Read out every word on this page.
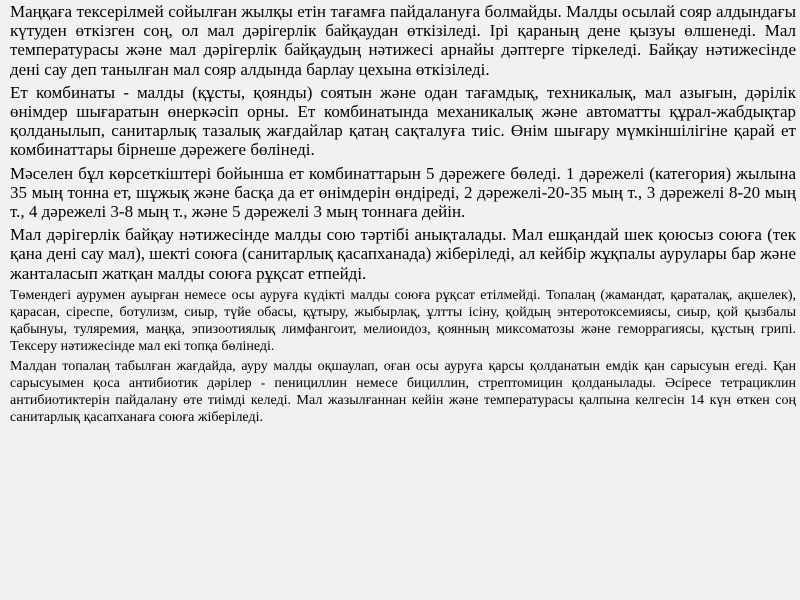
Маңқаға тексерілмей сойылған жылқы етін тағамға пайдалануға болмайды. Малды осылай сояр алдындағы күтуден өткізген соң, ол мал дәрігерлік байқаудан өткізіледі. Ірі қараның дене қызуы өлшенеді. Мал температурасы және мал дәрігерлік байқаудың нәтижесі арнайы дәптерге тіркеледі. Байқау нәтижесінде дені сау деп танылған мал сояр алдында барлау цехына өткізіледі.

Ет комбинаты - малды (құсты, қоянды) соятын және одан тағамдық, техникалық, мал азығын, дәрілік өнімдер шығаратын өнеркәсіп орны. Ет комбинатында механикалық және автоматты құрал-жабдықтар қолданылып, санитарлық тазалық жағдайлар қатаң сақталуға тиіс. Өнім шығару мүмкіншілігіне қарай ет комбинаттары бірнеше дәрежеге бөлінеді.

Мәселен бұл көрсеткіштері бойынша ет комбинаттарын 5 дәрежеге бөледі. 1 дәрежелі (категория) жылына 35 мың тонна ет, шұжық және басқа да ет өнімдерін өндіреді, 2 дәрежелі-20-35 мың т., 3 дәрежелі 8-20 мың т., 4 дәрежелі 3-8 мың т., және 5 дәрежелі 3 мың тоннаға дейін.

Мал дәрігерлік байқау нәтижесінде малды сою тәртібі анықталады. Мал ешқандай шек қоюсыз союға (тек қана дені сау мал), шекті союға (санитарлық қасапханада) жіберіледі, ал кейбір жұқпалы аурулары бар және жанталасып жатқан малды союға рұқсат етпейді.

Төмендегі аурумен ауырған немесе осы ауруға күдікті малды союға рұқсат етілмейді. Топалаң (жамандат, қараталақ, ақшелек), қарасан, сіреспе, ботулизм, сиыр, түйе обасы, құтыру, жыбырлақ, ұлтты ісіну, қойдың энтеротоксемиясы, сиыр, қой қызбалы қабынуы, туляремия, маңқа, эпизоотиялық лимфангоит, мелиоидоз, қоянның миксоматозы және геморрагиясы, құстың грипі. Тексеру нәтижесінде мал екі топқа бөлінеді.

Малдан топалаң табылған жағдайда, ауру малды оқшаулап, оған осы ауруға қарсы қолданатын емдік қан сарысуын егеді. Қан сарысуымен қоса антибиотик дәрілер - пенициллин немесе бициллин, стрептомицин қолданылады. Әсіресе тетрациклин антибиотиктерін пайдалану өте тиімді келеді. Мал жазылғаннан кейін және температурасы қалпына келгесін 14 күн өткен соң санитарлық қасапханаға союға жіберіледі.
